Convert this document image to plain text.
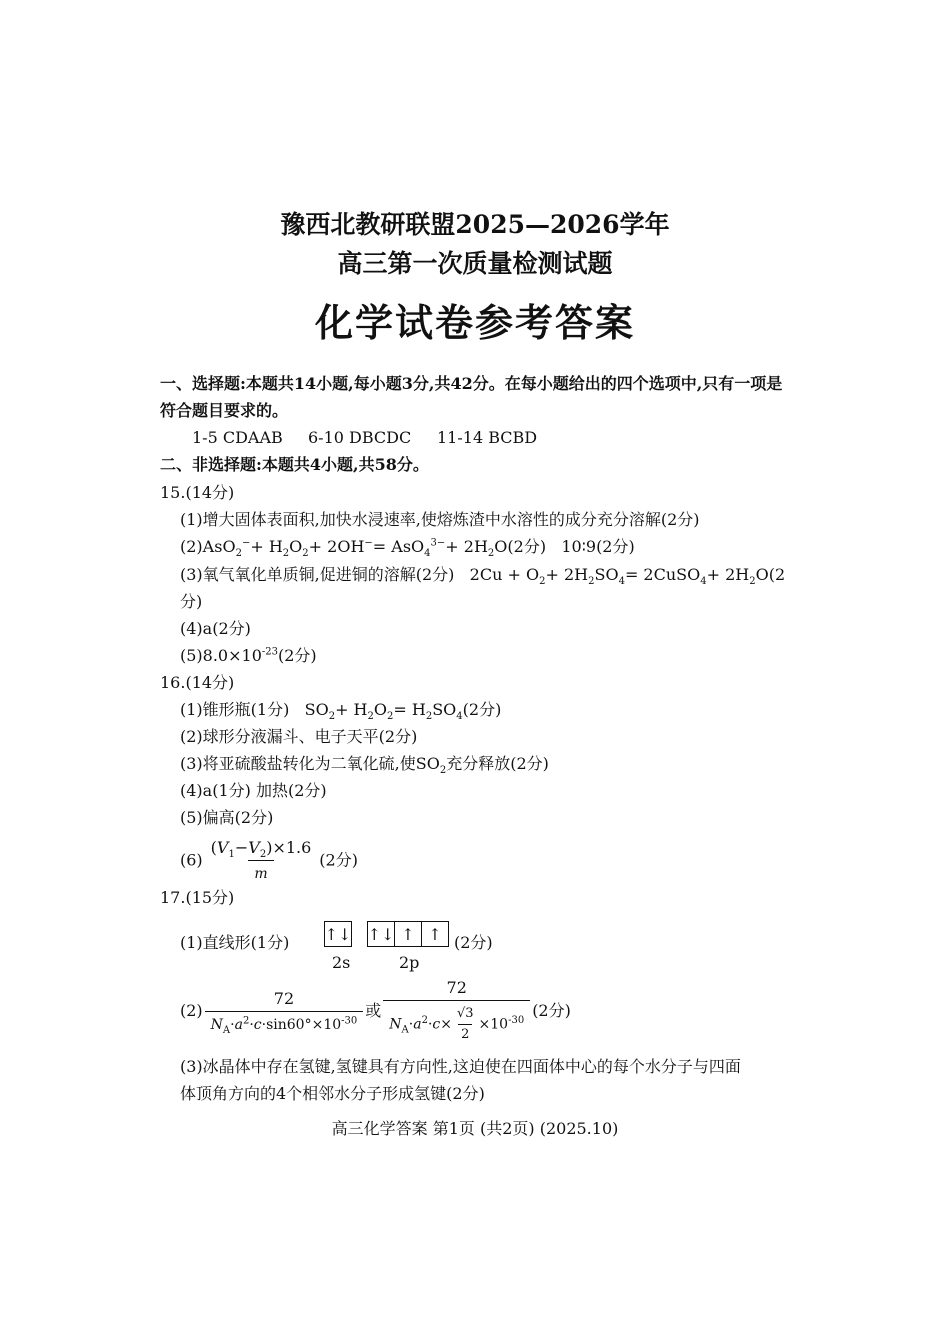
豫西北教研联盟2025—2026学年
高三第一次质量检测试题
化学试卷参考答案
一、选择题:本题共14小题,每小题3分,共42分。在每小题给出的四个选项中,只有一项是
符合题目要求的。
1-5 CDAAB 6-10 DBCDC 11-14 BCBD
二、非选择题:本题共4小题,共58分。
15.(14分)
(1)增大固体表面积,加快水浸速率,使熔炼渣中水溶性的成分充分溶解(2分)
$(2)AsO_2^-+ H_2O_2+ 2OH^-= AsO_4^{3-}+ 2H_2O(2$分) 10∶9(2分)
(3)氧气氧化单质铜,促进铜的溶解(2分)   $2Cu + O_2+ 2H_2SO_4=$ 2CuSO$_4$+ $2H_2O(2$
分)
(4)a(2分)
$(5)8.0\times 10^{-23}(2$分)
16.(14分)
(1)锥形瓶(1分)   $SO_2+ H_2O_2= H_2SO_4(2$分)
(2)球形分液漏斗、电子天平(2分)
(3)将亚硫酸盐转化为二氧化硫,使$SO_2$充分释放(2分)
(4)a(1分) 加热(2分)
(5)偏高(2分)
$(6) \frac{(V_1-V_2)\times 1.6}{m} (2$分)
17.(15分)
(1)直线形(1分) ↑↓
2s
↑↓ ↑ ↑
2p
(2分)
$(2) \frac{72}{N_A\cdot a^2\cdot c\cdot\sin 60^\circ\times 10^{-30}}$ 或 $\frac{72}{N_A\cdot a^2\cdot c\times \frac{√3}{2} \times 10^{-30}} (2$分)
(3)冰晶体中存在氢键,氢键具有方向性,这迫使在四面体中心的每个水分子与四面
体顶角方向的4个相邻水分子形成氢键(2分)
高三化学答案 第1页 (共2页) (2025.10)
